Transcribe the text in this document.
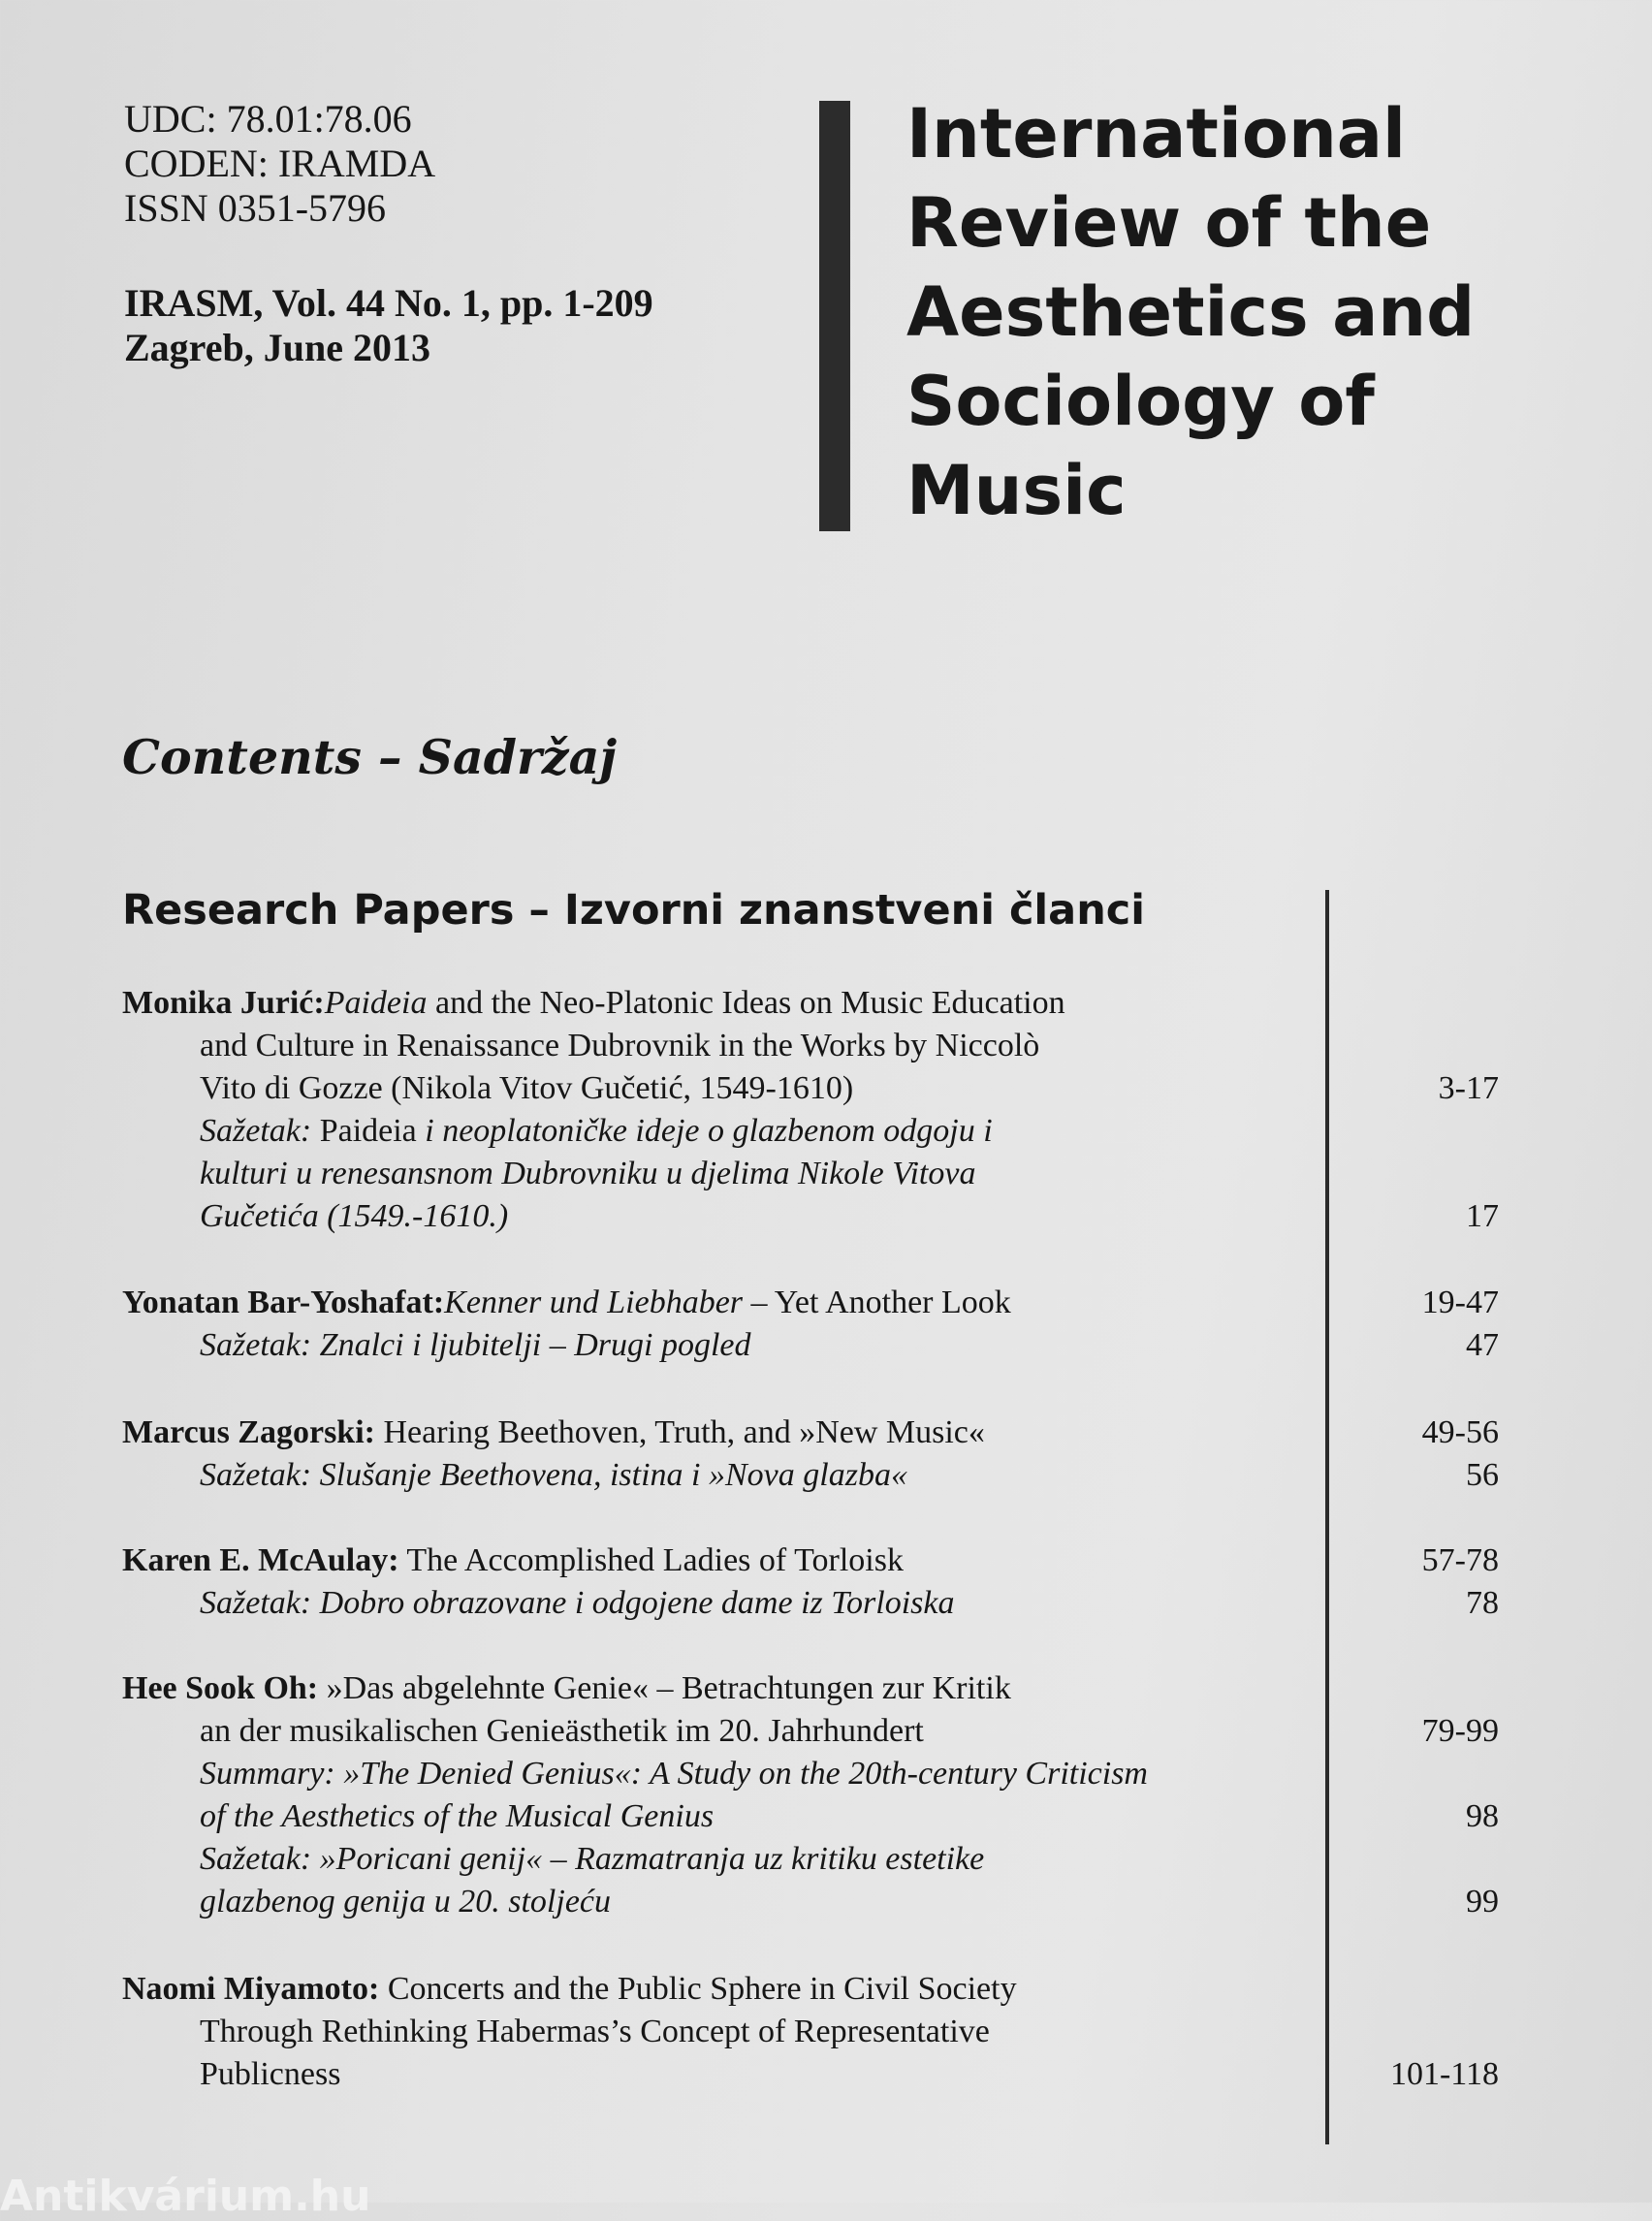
UDC: 78.01:78.06
CODEN: IRAMDA
ISSN 0351-5796
IRASM, Vol. 44 No. 1, pp. 1-209
Zagreb, June 2013
International
Review of the
Aesthetics and
Sociology of
Music
Contents – Sadržaj
Research Papers – Izvorni znanstveni članci
Monika Jurić:Paideia and the Neo-Platonic Ideas on Music Education
and Culture in Renaissance Dubrovnik in the Works by Niccolò
Vito di Gozze (Nikola Vitov Gučetić, 1549-1610)	3-17
Sažetak: Paideia i neoplatoničke ideje o glazbenom odgoju i
kulturi u renesansnom Dubrovniku u djelima Nikole Vitova
Gučetića (1549.-1610.)	17
Yonatan Bar-Yoshafat:Kenner und Liebhaber – Yet Another Look	19-47
Sažetak: Znalci i ljubitelji – Drugi pogled	47
Marcus Zagorski: Hearing Beethoven, Truth, and »New Music«	49-56
Sažetak: Slušanje Beethovena, istina i »Nova glazba«	56
Karen E. McAulay: The Accomplished Ladies of Torloisk	57-78
Sažetak: Dobro obrazovane i odgojene dame iz Torloiska	78
Hee Sook Oh: »Das abgelehnte Genie« – Betrachtungen zur Kritik
an der musikalischen Genieästhetik im 20. Jahrhundert	79-99
Summary: »The Denied Genius«: A Study on the 20th-century Criticism
of the Aesthetics of the Musical Genius	98
Sažetak: »Poricani genij« – Razmatranja uz kritiku estetike
glazbenog genija u 20. stoljeću	99
Naomi Miyamoto: Concerts and the Public Sphere in Civil Society
Through Rethinking Habermas’s Concept of Representative
Publicness	101-118
Antikvárium.hu
